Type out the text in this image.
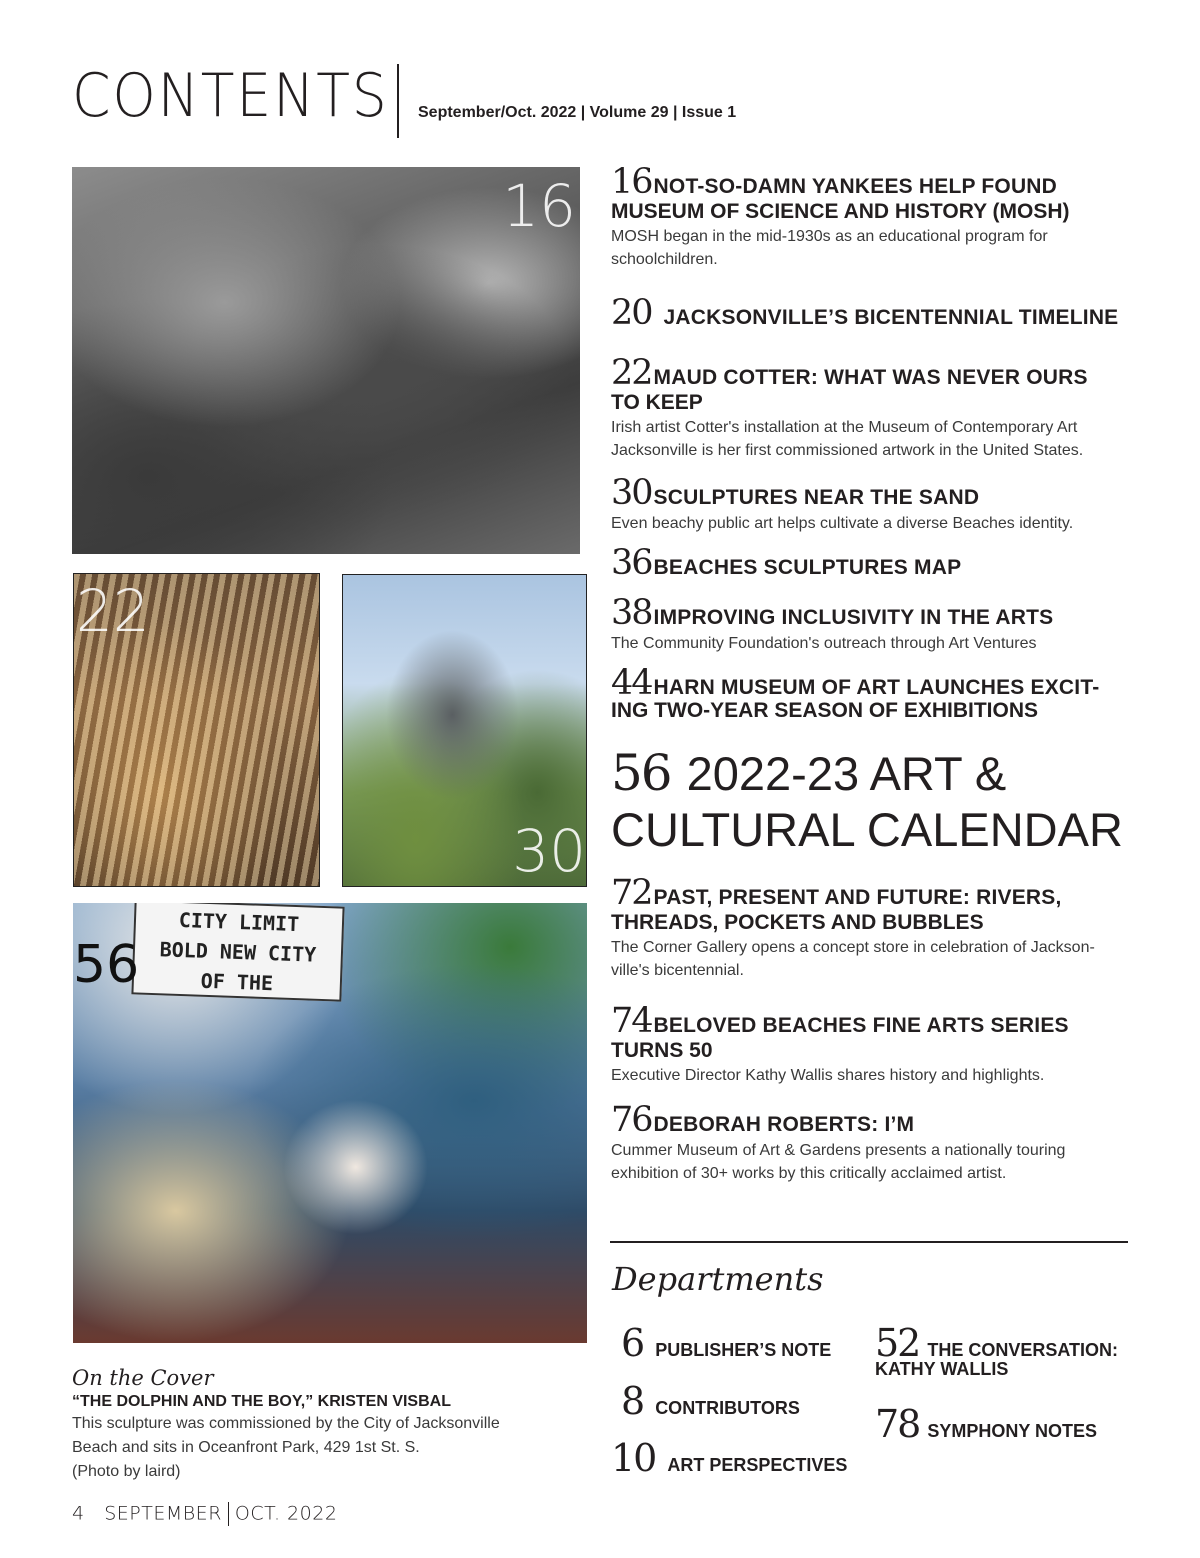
CONTENTS September/Oct. 2022 | Volume 29 | Issue 1
16
22
30
CITY LIMIT
BOLD NEW CITY
OF THE
56
16 NOT-SO-DAMN YANKEES HELP FOUND
MUSEUM OF SCIENCE AND HISTORY (MOSH)
MOSH began in the mid-1930s as an educational program for schoolchildren.
20 JACKSONVILLE’S BICENTENNIAL TIMELINE
22 MAUD COTTER: WHAT WAS NEVER OURS
TO KEEP
Irish artist Cotter's installation at the Museum of Contemporary Art Jacksonville is her first commissioned artwork in the United States.
30 SCULPTURES NEAR THE SAND
Even beachy public art helps cultivate a diverse Beaches identity.
36 BEACHES SCULPTURES MAP
38 IMPROVING INCLUSIVITY IN THE ARTS
The Community Foundation's outreach through Art Ventures
44 HARN MUSEUM OF ART LAUNCHES EXCIT-
ING TWO-YEAR SEASON OF EXHIBITIONS
56 2022-23 ART &
CULTURAL CALENDAR
72 PAST, PRESENT AND FUTURE: RIVERS,
THREADS, POCKETS AND BUBBLES
The Corner Gallery opens a concept store in celebration of Jackson-ville's bicentennial.
74 BELOVED BEACHES FINE ARTS SERIES
TURNS 50
Executive Director Kathy Wallis shares history and highlights.
76 DEBORAH ROBERTS: I’M
Cummer Museum of Art & Gardens presents a nationally touring exhibition of 30+ works by this critically acclaimed artist.
Departments
6 PUBLISHER’S NOTE
8 CONTRIBUTORS
10 ART PERSPECTIVES
52 THE CONVERSATION:
KATHY WALLIS
78 SYMPHONY NOTES
On the Cover
“THE DOLPHIN AND THE BOY,” KRISTEN VISBAL
This sculpture was commissioned by the City of Jacksonville
Beach and sits in Oceanfront Park, 429 1st St. S.
(Photo by laird)
4 SEPTEMBER OCT. 2022
